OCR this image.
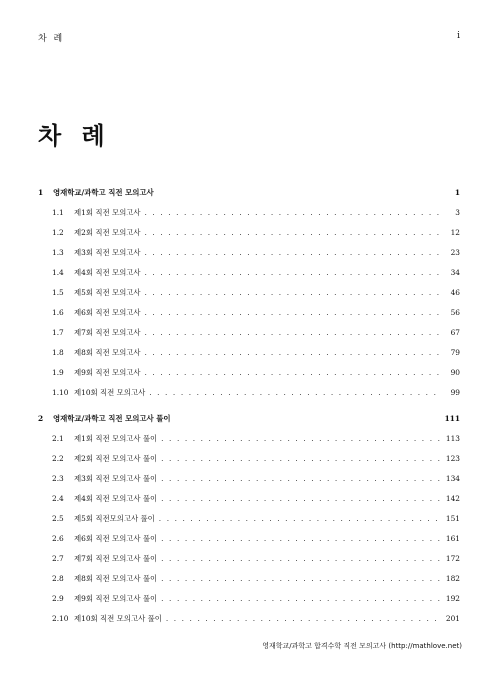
차 례	i
차 례
1	영재학교/과학고 직전 모의고사	1
1.1	제1회 직전 모의고사 . . .	3
1.2	제2회 직전 모의고사 . . .	12
1.3	제3회 직전 모의고사 . . .	23
1.4	제4회 직전 모의고사 . . .	34
1.5	제5회 직전 모의고사 . . .	46
1.6	제6회 직전 모의고사 . . .	56
1.7	제7회 직전 모의고사 . . .	67
1.8	제8회 직전 모의고사 . . .	79
1.9	제9회 직전 모의고사 . . .	90
1.10 제10회 직전 모의고사 . . .	99
2	영재학교/과학고 직전 모의고사 풀이	111
2.1	제1회 직전 모의고사 풀이 . . .	113
2.2	제2회 직전 모의고사 풀이 . . .	123
2.3	제3회 직전 모의고사 풀이 . . .	134
2.4	제4회 직전 모의고사 풀이 . . .	142
2.5	제5회 직전모의고사 풀이 . . .	151
2.6	제6회 직전 모의고사 풀이 . . .	161
2.7	제7회 직전 모의고사 풀이 . . .	172
2.8	제8회 직전 모의고사 풀이 . . .	182
2.9	제9회 직전 모의고사 풀이 . . .	192
2.10 제10회 직전 모의고사 풀이 . . .	201
영재학교/과학고 합격수학 직전 모의고사 (http://mathlove.net)
